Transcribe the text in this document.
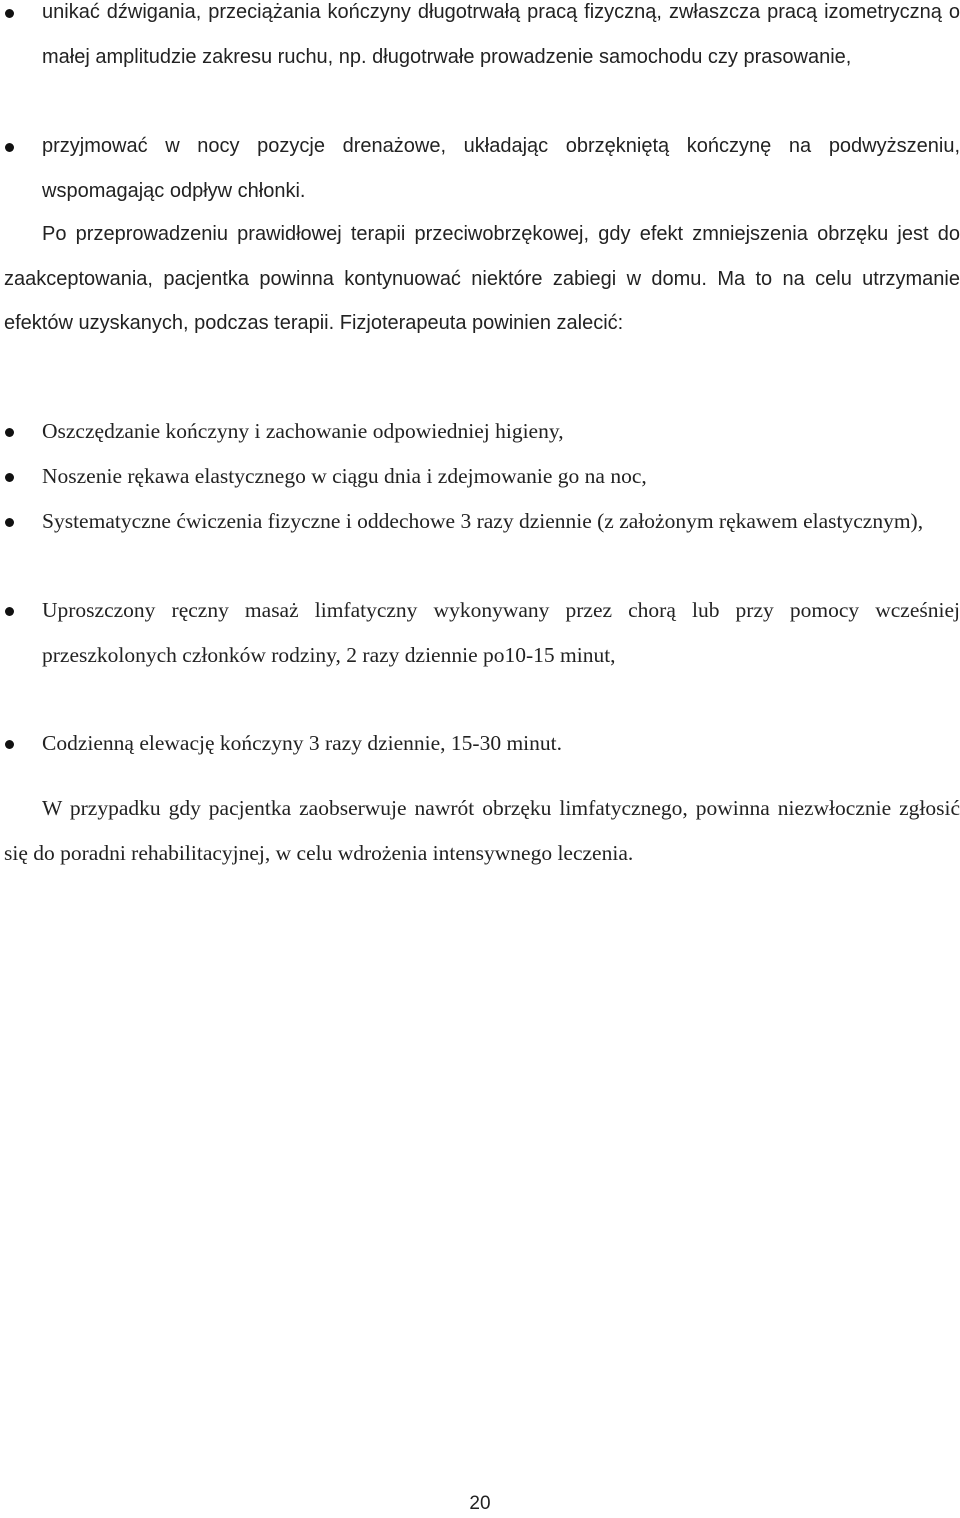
unikać dźwigania, przeciążania kończyny długotrwałą pracą fizyczną, zwłaszcza pracą izometryczną o małej amplitudzie zakresu ruchu, np. długotrwałe prowadzenie samochodu czy prasowanie,

przyjmować w nocy pozycje drenażowe, układając obrzękniętą kończynę na podwyższeniu, wspomagając odpływ chłonki.

Po przeprowadzeniu prawidłowej terapii przeciwobrzękowej, gdy efekt zmniejszenia obrzęku jest do zaakceptowania, pacjentka powinna kontynuować niektóre zabiegi w domu. Ma to na celu utrzymanie efektów uzyskanych, podczas terapii. Fizjoterapeuta powinien zalecić:

Oszczędzanie kończyny i zachowanie odpowiedniej higieny,

Noszenie rękawa elastycznego w ciągu dnia i zdejmowanie go na noc,

Systematyczne ćwiczenia fizyczne i oddechowe 3 razy dziennie (z założonym rękawem elastycznym),

Uproszczony ręczny masaż limfatyczny wykonywany przez chorą lub przy pomocy wcześniej przeszkolonych członków rodziny, 2 razy dziennie po10-15 minut,

Codzienną elewację kończyny 3 razy dziennie, 15-30 minut.

W przypadku gdy pacjentka zaobserwuje nawrót obrzęku limfatycznego, powinna niezwłocznie zgłosić się do poradni rehabilitacyjnej, w celu wdrożenia intensywnego leczenia.

20
